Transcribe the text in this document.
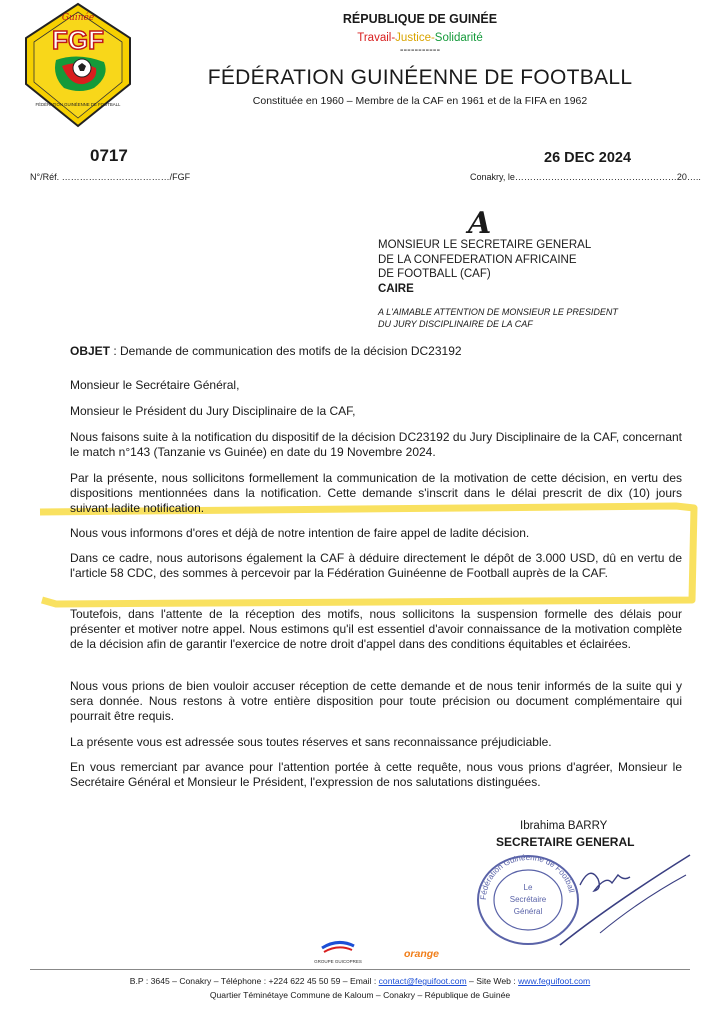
Guinée
FGF
FÉDÉRATION GUINÉENNE DE FOOTBALL
RÉPUBLIQUE DE GUINÉE
Travail-Justice-Solidarité
-----------
FÉDÉRATION GUINÉENNE DE FOOTBALL
Constituée en 1960 – Membre de la CAF en 1961 et de la FIFA en 1962
0717	26 DEC 2024
N°/Réf. ………………………………/FGF	Conakry, le………………………………………………20…..
A
MONSIEUR LE SECRETAIRE GENERAL
DE LA CONFEDERATION AFRICAINE
DE FOOTBALL (CAF)
CAIRE
A L'AIMABLE ATTENTION DE MONSIEUR LE PRESIDENT
DU JURY DISCIPLINAIRE DE LA CAF
OBJET : Demande de communication des motifs de la décision DC23192
Monsieur le Secrétaire Général,
Monsieur le Président du Jury Disciplinaire de la CAF,
Nous faisons suite à la notification du dispositif de la décision DC23192 du Jury Disciplinaire de la CAF, concernant le match n°143 (Tanzanie vs Guinée) en date du 19 Novembre 2024.
Par la présente, nous sollicitons formellement la communication de la motivation de cette décision, en vertu des dispositions mentionnées dans la notification. Cette demande s'inscrit dans le délai prescrit de dix (10) jours suivant ladite notification.
Nous vous informons d'ores et déjà de notre intention de faire appel de ladite décision.
Dans ce cadre, nous autorisons également la CAF à déduire directement le dépôt de 3.000 USD, dû en vertu de l'article 58 CDC, des sommes à percevoir par la Fédération Guinéenne de Football auprès de la CAF.
Toutefois, dans l'attente de la réception des motifs, nous sollicitons la suspension formelle des délais pour présenter et motiver notre appel. Nous estimons qu'il est essentiel d'avoir connaissance de la motivation complète de la décision afin de garantir l'exercice de notre droit d'appel dans des conditions équitables et éclairées.
Nous vous prions de bien vouloir accuser réception de cette demande et de nous tenir informés de la suite qui y sera donnée. Nous restons à votre entière disposition pour toute précision ou document complémentaire qui pourrait être requis.
La présente vous est adressée sous toutes réserves et sans reconnaissance préjudiciable.
En vous remerciant par avance pour l'attention portée à cette requête, nous vous prions d'agréer, Monsieur le Secrétaire Général et Monsieur le Président, l'expression de nos salutations distinguées.
Ibrahima BARRY
SECRETAIRE GENERAL
Fédération Guinéenne de Football
Le
Secrétaire
Général
GROUPE GUICOPRES
orange
B.P : 3645 – Conakry – Téléphone : +224 622 45 50 59 – Email : contact@feguifoot.com – Site Web : www.feguifoot.com
Quartier Téminétaye Commune de Kaloum – Conakry – République de Guinée
